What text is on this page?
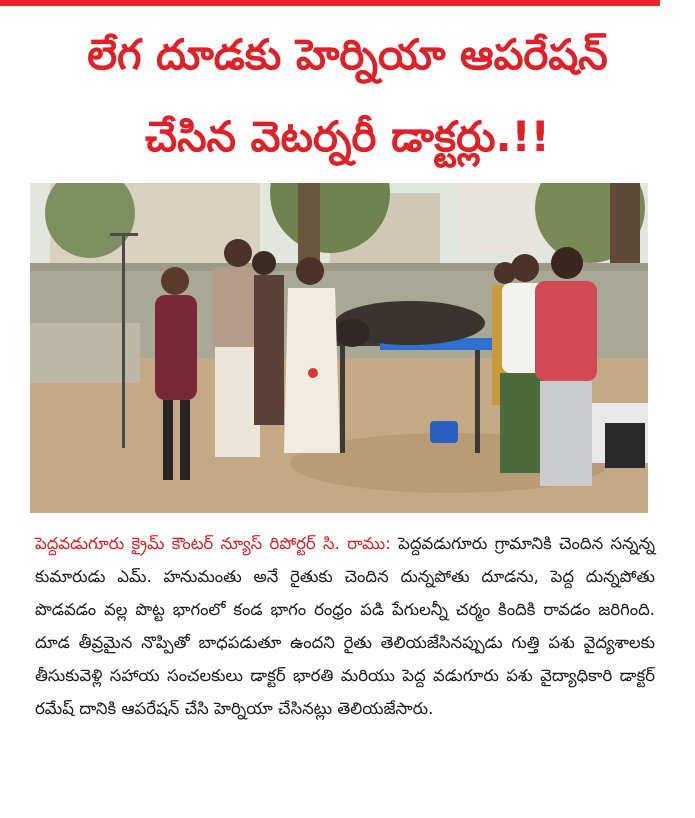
లేగ దూడకు హెర్నియా ఆపరేషన్
చేసిన వెటర్నరీ డాక్టర్లు.!!
పెద్దవడుగూరు క్రైమ్ కౌంటర్ న్యూస్ రిపోర్టర్ సి. రాము: పెద్దవడుగూరు గ్రామానికి చెందిన సన్నన్న కుమారుడు ఎమ్. హనుమంతు అనే రైతుకు చెందిన దున్నపోతు దూడను, పెద్ద దున్నపోతు పొడవడం వల్ల పొట్ట భాగంలో కండ భాగం రంధ్రం పడి పేగులన్నీ చర్మం కిందికి రావడం జరిగింది. దూడ తీవ్రమైన నొప్పితో బాధపడుతూ ఉందని రైతు తెలియజేసినప్పుడు గుత్తి పశు వైద్యశాలకు తీసుకువెళ్లి సహాయ సంచలకులు డాక్టర్ భారతి మరియు పెద్ద వడుగూరు పశు వైద్యాధికారి డాక్టర్ రమేష్ దానికి ఆపరేషన్ చేసి హెర్నియా చేసినట్లు తెలియజేసారు.
